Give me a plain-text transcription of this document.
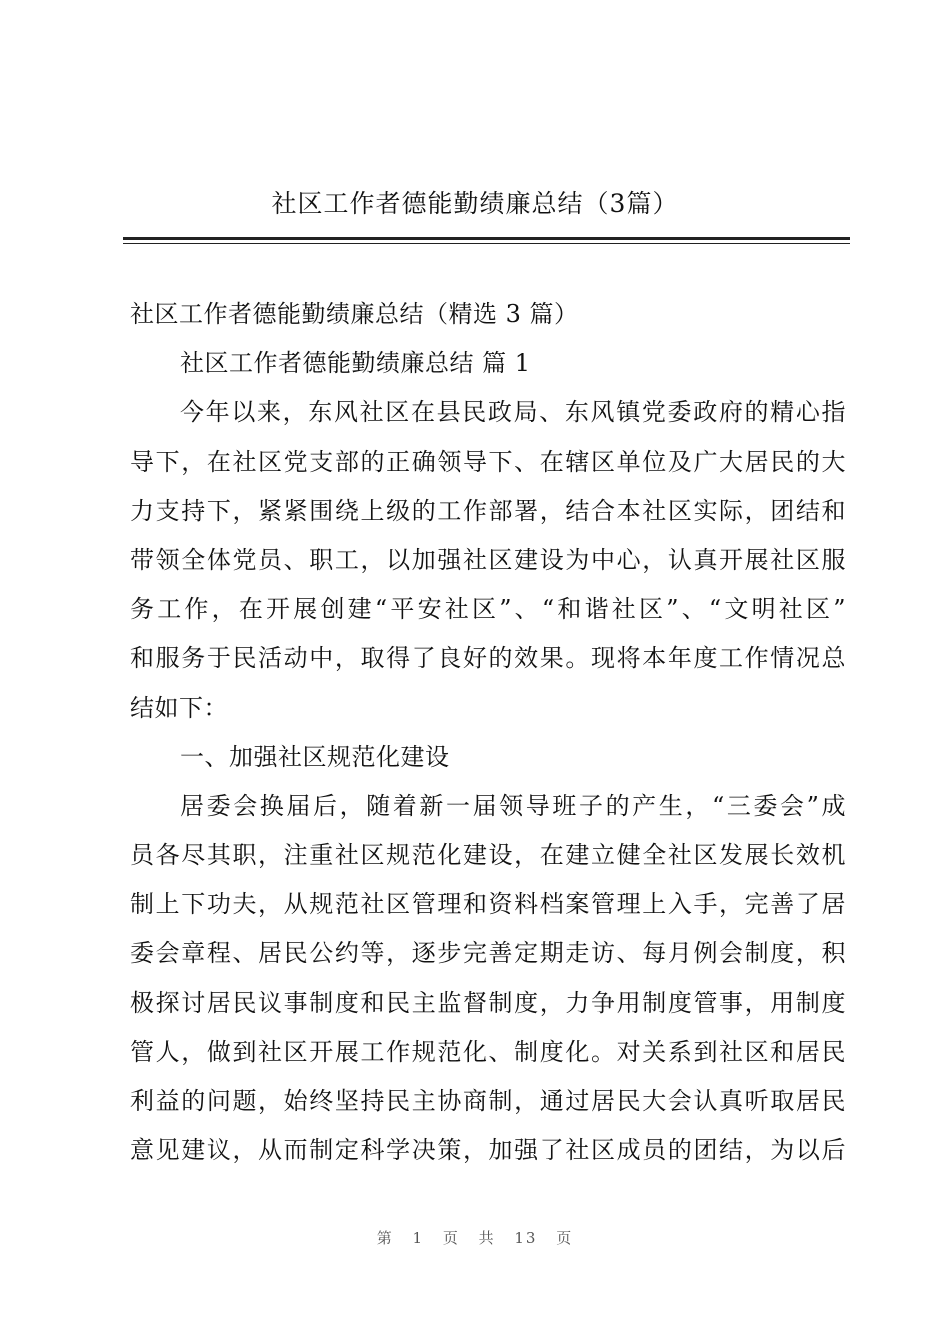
社区工作者德能勤绩廉总结（3篇）
社区工作者德能勤绩廉总结（精选 3 篇）
社区工作者德能勤绩廉总结 篇 1
今年以来，东风社区在县民政局、东风镇党委政府的精心指
导下，在社区党支部的正确领导下、在辖区单位及广大居民的大
力支持下，紧紧围绕上级的工作部署，结合本社区实际，团结和
带领全体党员、职工，以加强社区建设为中心，认真开展社区服
务工作，在开展创建“平安社区”、“和谐社区”、“文明社区”
和服务于民活动中，取得了良好的效果。现将本年度工作情况总
结如下：
一、加强社区规范化建设
居委会换届后，随着新一届领导班子的产生，“三委会”成
员各尽其职，注重社区规范化建设，在建立健全社区发展长效机
制上下功夫，从规范社区管理和资料档案管理上入手，完善了居
委会章程、居民公约等，逐步完善定期走访、每月例会制度，积
极探讨居民议事制度和民主监督制度，力争用制度管事，用制度
管人，做到社区开展工作规范化、制度化。对关系到社区和居民
利益的问题，始终坚持民主协商制，通过居民大会认真听取居民
意见建议，从而制定科学决策，加强了社区成员的团结，为以后
第 1 页 共 13 页
